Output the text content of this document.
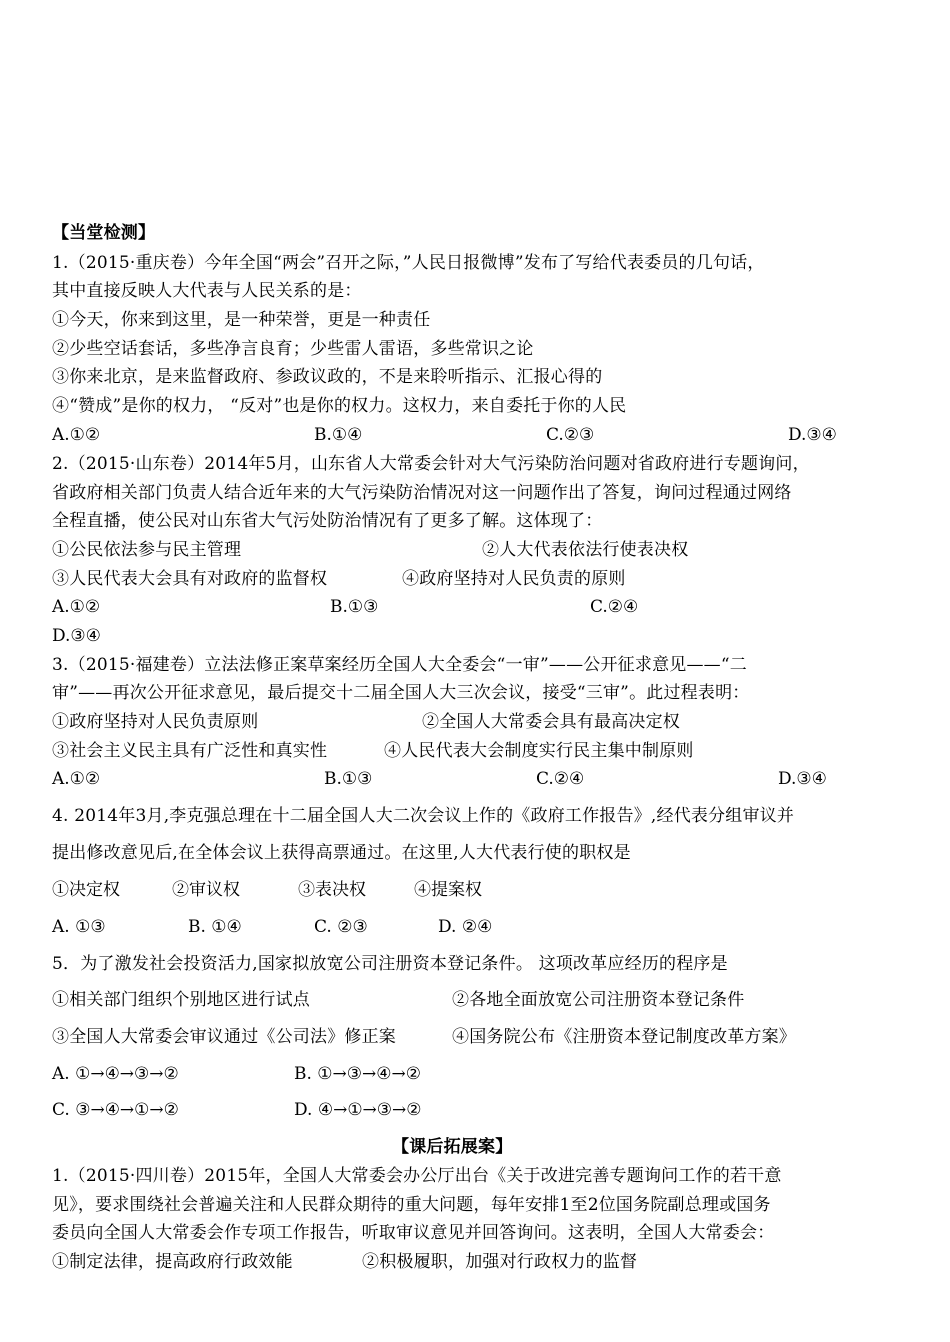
【当堂检测】
1.（2015·重庆卷）今年全国“两会”召开之际，”人民日报微博”发布了写给代表委员的几句话，
其中直接反映人大代表与人民关系的是：
①今天，你来到这里，是一种荣誉，更是一种责任
②少些空话套话，多些净言良育；少些雷人雷语，多些常识之论
③你来北京，是来监督政府、参政议政的，不是来聆听指示、汇报心得的
④“赞成”是你的权力， “反对”也是你的权力。这权力，来自委托于你的人民
A.①②	B.①④	C.②③	D.③④
2.（2015·山东卷）2014年5月，山东省人大常委会针对大气污染防治问题对省政府进行专题询问，
省政府相关部门负责人结合近年来的大气污染防治情况对这一问题作出了答复，询问过程通过网络
全程直播，使公民对山东省大气污处防治情况有了更多了解。这体现了：
①公民依法参与民主管理	②人大代表依法行使表决权
③人民代表大会具有对政府的监督权	④政府坚持对人民负责的原则
A.①②	B.①③	C.②④
D.③④
3.（2015·福建卷）立法法修正案草案经历全国人大全委会“一审”——公开征求意见——“二
审”——再次公开征求意见，最后提交十二届全国人大三次会议，接受“三审”。此过程表明：
①政府坚持对人民负责原则	②全国人大常委会具有最高决定权
③社会主义民主具有广泛性和真实性	④人民代表大会制度实行民主集中制原则
A.①②	B.①③	C.②④	D.③④
4. 2014年3月,李克强总理在十二届全国人大二次会议上作的《政府工作报告》,经代表分组审议并
提出修改意见后,在全体会议上获得高票通过。在这里,人大代表行使的职权是
①决定权	②审议权	③表决权	④提案权
A. ①③	B. ①④	C. ②③	D. ②④
5．为了激发社会投资活力,国家拟放宽公司注册资本登记条件。 这项改革应经历的程序是
①相关部门组织个别地区进行试点	②各地全面放宽公司注册资本登记条件
③全国人大常委会审议通过《公司法》修正案	④国务院公布《注册资本登记制度改革方案》
A. ①→④→③→②	B. ①→③→④→②
C. ③→④→①→②	D. ④→①→③→②
【课后拓展案】
1.（2015·四川卷）2015年，全国人大常委会办公厅出台《关于改进完善专题询问工作的若干意
见》，要求围绕社会普遍关注和人民群众期待的重大问题，每年安排1至2位国务院副总理或国务
委员向全国人大常委会作专项工作报告，听取审议意见并回答询问。这表明，全国人大常委会：
①制定法律，提高政府行政效能	②积极履职，加强对行政权力的监督
